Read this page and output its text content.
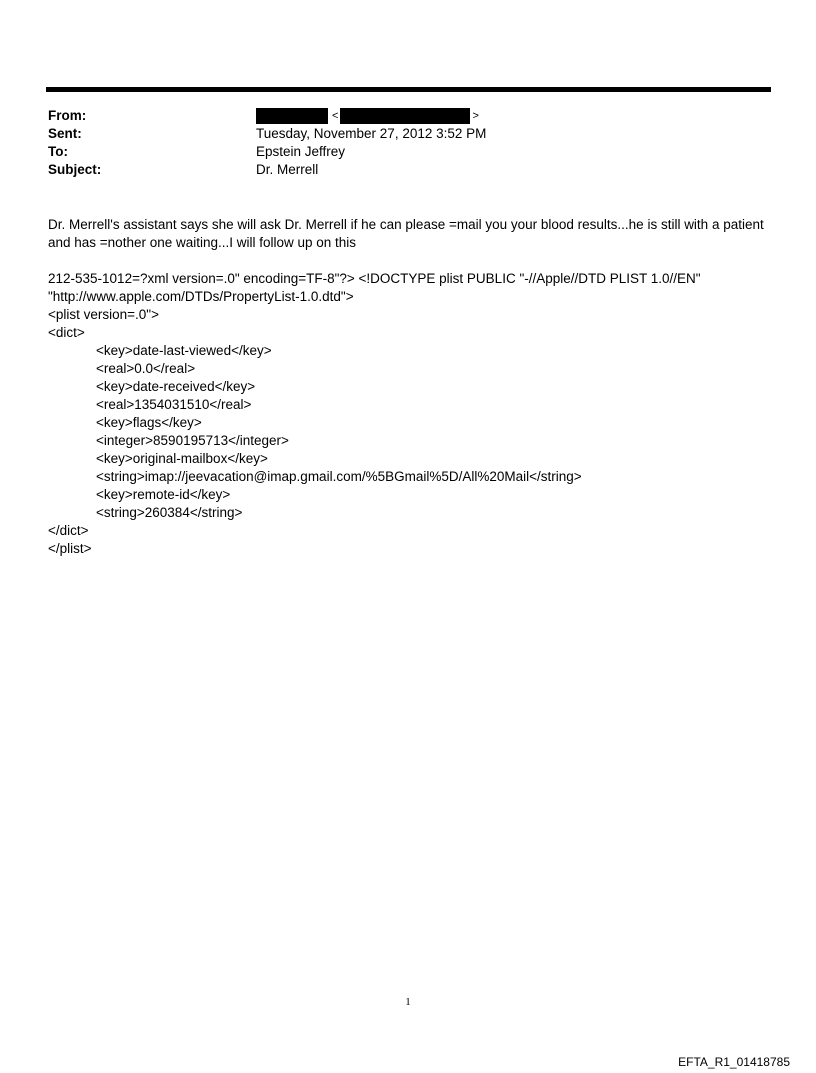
From:	<	>
Sent:	Tuesday, November 27, 2012 3:52 PM
To:	Epstein Jeffrey
Subject:	Dr. Merrell
Dr. Merrell's assistant says she will ask Dr. Merrell if he can please =mail you your blood results...he is still with a patient
and has =nother one waiting...I will follow up on this

212-535-1012=?xml version=.0" encoding=TF-8"?> <!DOCTYPE plist PUBLIC "-//Apple//DTD PLIST 1.0//EN"

"http://www.apple.com/DTDs/PropertyList-1.0.dtd">

<plist version=.0">

<dict>

<key>date-last-viewed</key>

<real>0.0</real>

<key>date-received</key>

<real>1354031510</real>

<key>flags</key>

<integer>8590195713</integer>

<key>original-mailbox</key>

<string>imap://jeevacation@imap.gmail.com/%5BGmail%5D/All%20Mail</string>

<key>remote-id</key>

<string>260384</string>

</dict>

</plist>

1
EFTA_R1_01418785
